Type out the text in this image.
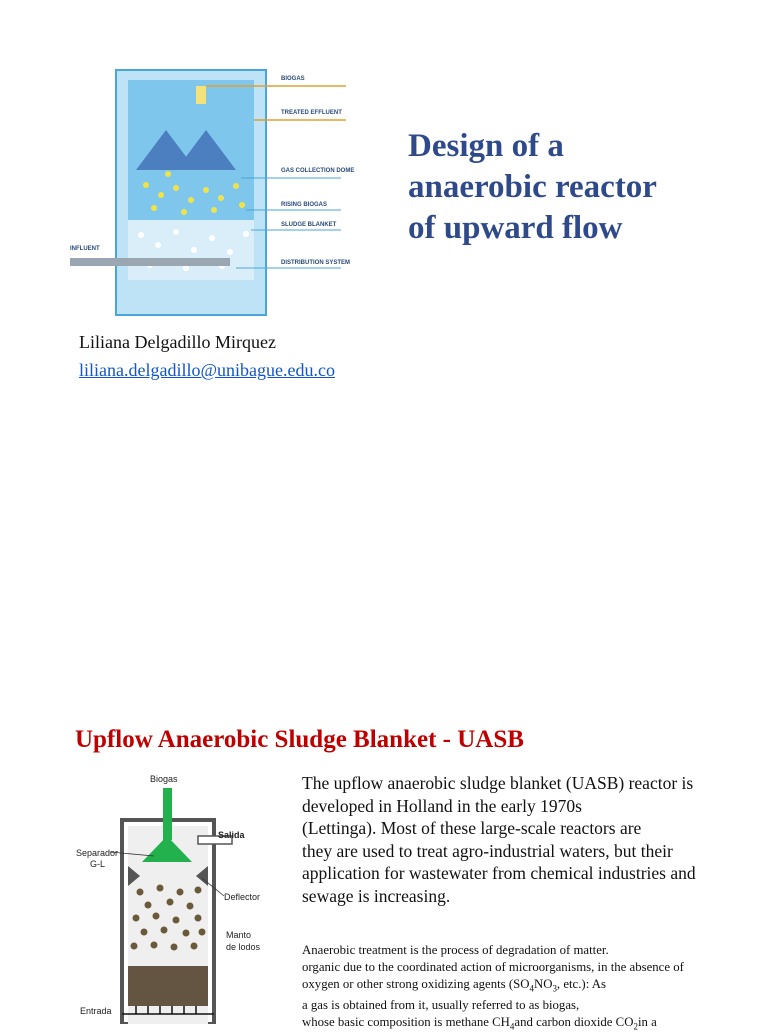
BIOGAS
TREATED EFFLUENT
GAS COLLECTION DOME
RISING BIOGAS
SLUDGE BLANKET
DISTRIBUTION SYSTEM
INFLUENT
Design of a
anaerobic reactor
of upward flow
Liliana Delgadillo Mirquez
liliana.delgadillo@unibague.edu.co
Upflow Anaerobic Sludge Blanket - UASB
Biogas
Salida
Separador
G-L
Deflector
Manto
de lodos
Entrada
The upflow anaerobic sludge blanket (UASB) reactor is
developed in Holland in the early 1970s
(Lettinga). Most of these large-scale reactors are
they are used to treat agro-industrial waters, but their
application for wastewater from chemical industries and
sewage is increasing.
Anaerobic treatment is the process of degradation of matter.
organic due to the coordinated action of microorganisms, in the absence of
oxygen or other strong oxidizing agents ($SO_4NO_3$, etc.): As
a gas is obtained from it, usually referred to as biogas,
whose basic composition is methane $CH_4and$ carbon dioxide $CO_2in$ a
